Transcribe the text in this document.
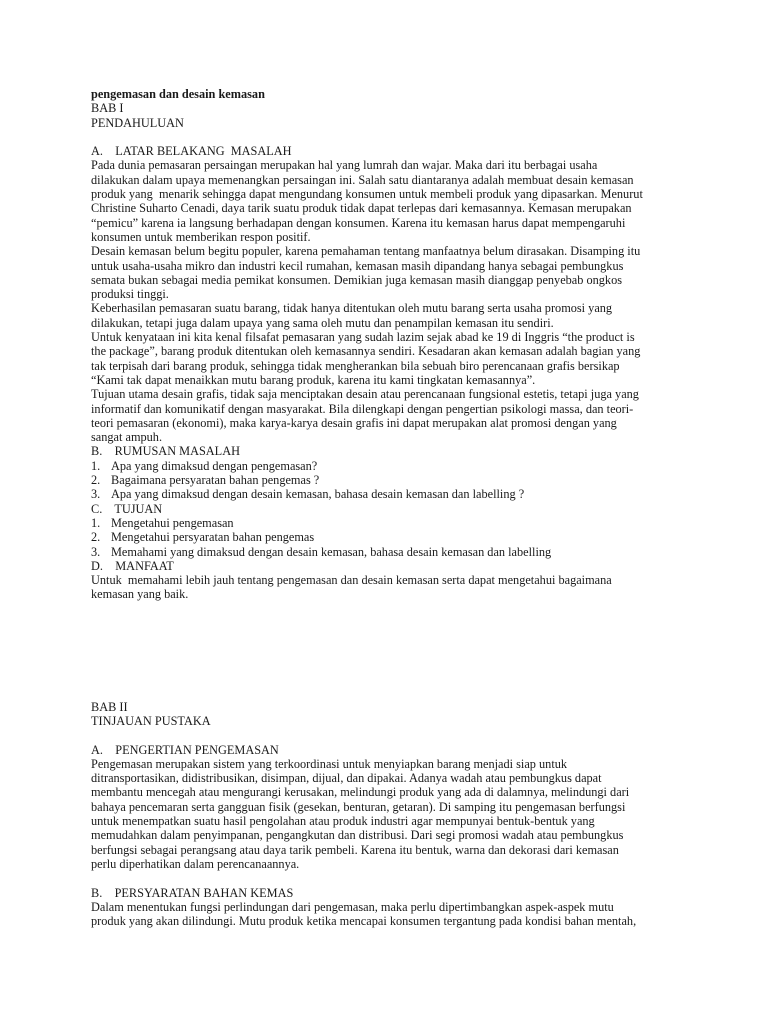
pengemasan dan desain kemasan
BAB I
PENDAHULUAN
A.    LATAR BELAKANG  MASALAH
Pada dunia pemasaran persaingan merupakan hal yang lumrah dan wajar. Maka dari itu berbagai usaha
dilakukan dalam upaya memenangkan persaingan ini. Salah satu diantaranya adalah membuat desain kemasan
produk yang  menarik sehingga dapat mengundang konsumen untuk membeli produk yang dipasarkan. Menurut
Christine Suharto Cenadi, daya tarik suatu produk tidak dapat terlepas dari kemasannya. Kemasan merupakan
“pemicu” karena ia langsung berhadapan dengan konsumen. Karena itu kemasan harus dapat mempengaruhi
konsumen untuk memberikan respon positif.
Desain kemasan belum begitu populer, karena pemahaman tentang manfaatnya belum dirasakan. Disamping itu
untuk usaha-usaha mikro dan industri kecil rumahan, kemasan masih dipandang hanya sebagai pembungkus
semata bukan sebagai media pemikat konsumen. Demikian juga kemasan masih dianggap penyebab ongkos
produksi tinggi.
Keberhasilan pemasaran suatu barang, tidak hanya ditentukan oleh mutu barang serta usaha promosi yang
dilakukan, tetapi juga dalam upaya yang sama oleh mutu dan penampilan kemasan itu sendiri.
Untuk kenyataan ini kita kenal filsafat pemasaran yang sudah lazim sejak abad ke 19 di Inggris “the product is
the package”, barang produk ditentukan oleh kemasannya sendiri. Kesadaran akan kemasan adalah bagian yang
tak terpisah dari barang produk, sehingga tidak mengherankan bila sebuah biro perencanaan grafis bersikap
“Kami tak dapat menaikkan mutu barang produk, karena itu kami tingkatan kemasannya”.
Tujuan utama desain grafis, tidak saja menciptakan desain atau perencanaan fungsional estetis, tetapi juga yang
informatif dan komunikatif dengan masyarakat. Bila dilengkapi dengan pengertian psikologi massa, dan teori-
teori pemasaran (ekonomi), maka karya-karya desain grafis ini dapat merupakan alat promosi dengan yang
sangat ampuh.
B.    RUMUSAN MASALAH
1. Apa yang dimaksud dengan pengemasan?
2. Bagaimana persyaratan bahan pengemas ?
3. Apa yang dimaksud dengan desain kemasan, bahasa desain kemasan dan labelling ?
C.    TUJUAN
1. Mengetahui pengemasan
2. Mengetahui persyaratan bahan pengemas
3. Memahami yang dimaksud dengan desain kemasan, bahasa desain kemasan dan labelling
D.    MANFAAT
Untuk  memahami lebih jauh tentang pengemasan dan desain kemasan serta dapat mengetahui bagaimana
kemasan yang baik.
BAB II
TINJAUAN PUSTAKA
A.    PENGERTIAN PENGEMASAN
Pengemasan merupakan sistem yang terkoordinasi untuk menyiapkan barang menjadi siap untuk
ditransportasikan, didistribusikan, disimpan, dijual, dan dipakai. Adanya wadah atau pembungkus dapat
membantu mencegah atau mengurangi kerusakan, melindungi produk yang ada di dalamnya, melindungi dari
bahaya pencemaran serta gangguan fisik (gesekan, benturan, getaran). Di samping itu pengemasan berfungsi
untuk menempatkan suatu hasil pengolahan atau produk industri agar mempunyai bentuk-bentuk yang
memudahkan dalam penyimpanan, pengangkutan dan distribusi. Dari segi promosi wadah atau pembungkus
berfungsi sebagai perangsang atau daya tarik pembeli. Karena itu bentuk, warna dan dekorasi dari kemasan
perlu diperhatikan dalam perencanaannya.
B.    PERSYARATAN BAHAN KEMAS
Dalam menentukan fungsi perlindungan dari pengemasan, maka perlu dipertimbangkan aspek-aspek mutu
produk yang akan dilindungi. Mutu produk ketika mencapai konsumen tergantung pada kondisi bahan mentah,
